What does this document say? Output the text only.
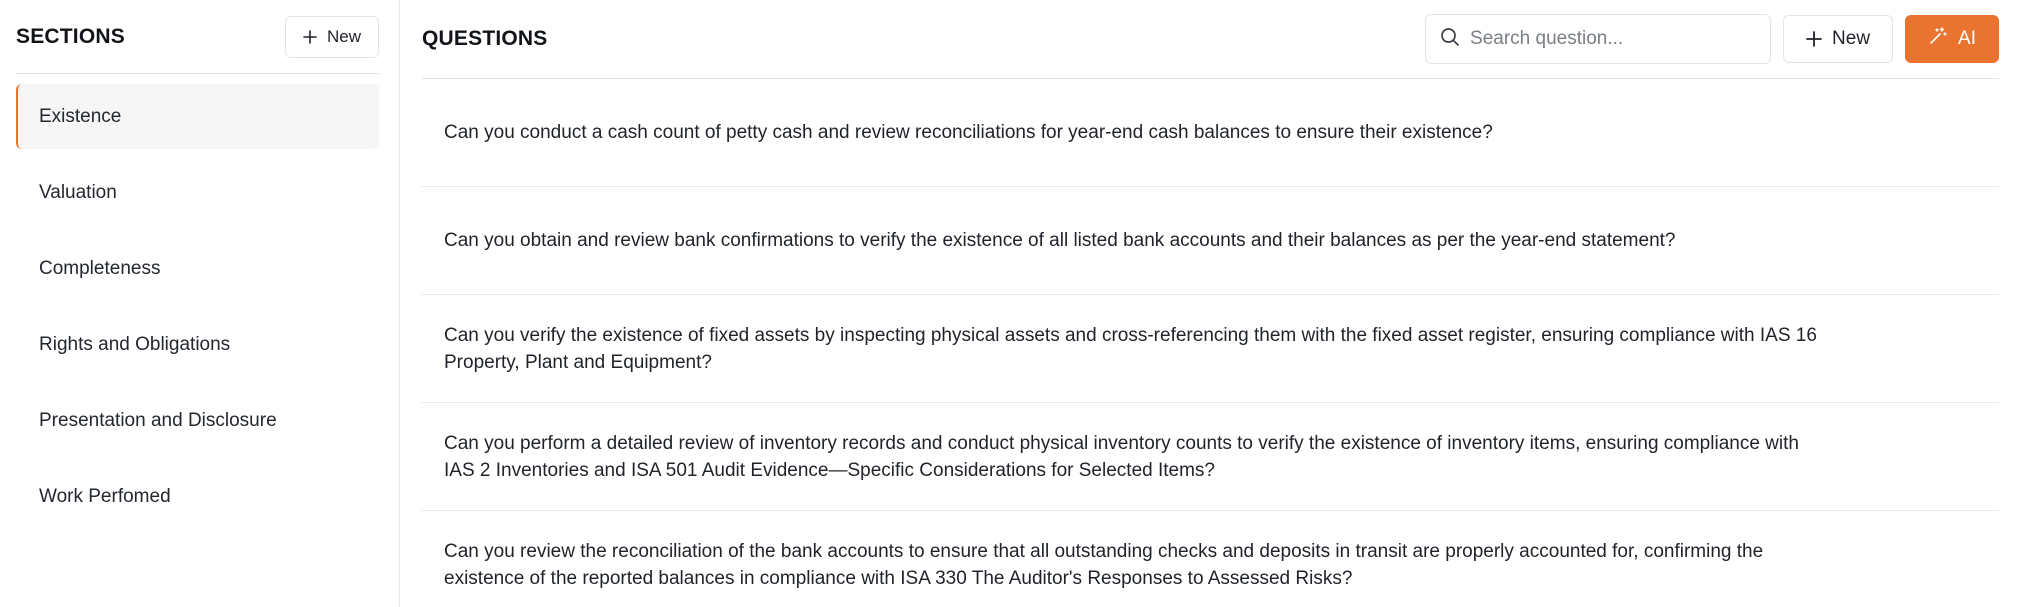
SECTIONS	New
Existence
Valuation
Completeness
Rights and Obligations
Presentation and Disclosure
Work Perfomed
QUESTIONS
Search question...	New	AI
Can you conduct a cash count of petty cash and review reconciliations for year-end cash balances to ensure their existence?
Can you obtain and review bank confirmations to verify the existence of all listed bank accounts and their balances as per the year-end statement?
Can you verify the existence of fixed assets by inspecting physical assets and cross-referencing them with the fixed asset register, ensuring compliance with IAS 16 Property, Plant and Equipment?
Can you perform a detailed review of inventory records and conduct physical inventory counts to verify the existence of inventory items, ensuring compliance with IAS 2 Inventories and ISA 501 Audit Evidence—Specific Considerations for Selected Items?
Can you review the reconciliation of the bank accounts to ensure that all outstanding checks and deposits in transit are properly accounted for, confirming the existence of the reported balances in compliance with ISA 330 The Auditor's Responses to Assessed Risks?
